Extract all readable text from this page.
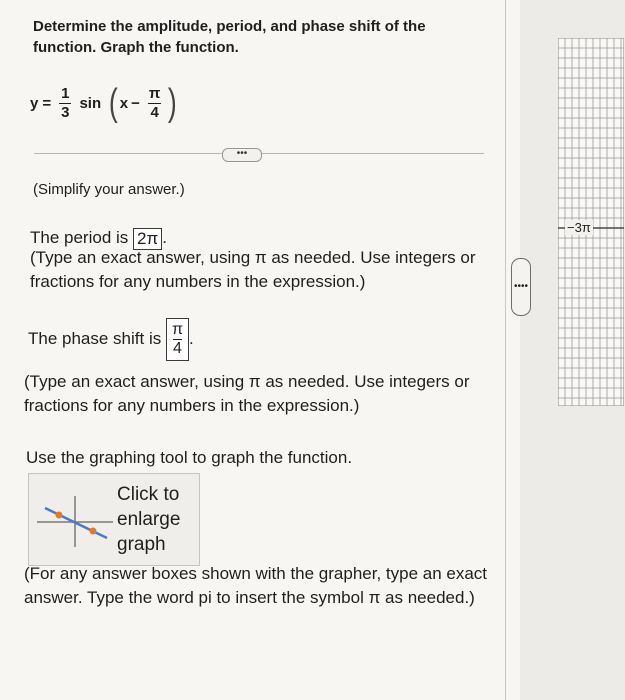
Determine the amplitude, period, and phase shift of the function. Graph the function.
$y = \frac{1}{3}$ sin ( $x - \frac{\pi}{4}$ )
•••
(Simplify your answer.)
The period is 2π .
(Type an exact answer, using π as needed. Use integers or fractions for any numbers in the expression.)
The phase shift is $\frac{\pi}{4}$ .
(Type an exact answer, using π as needed. Use integers or fractions for any numbers in the expression.)
Use the graphing tool to graph the function.
Click to
enlarge
graph
(For any answer boxes shown with the grapher, type an exact answer. Type the word pi to insert the symbol π as needed.)
−3π
••••
